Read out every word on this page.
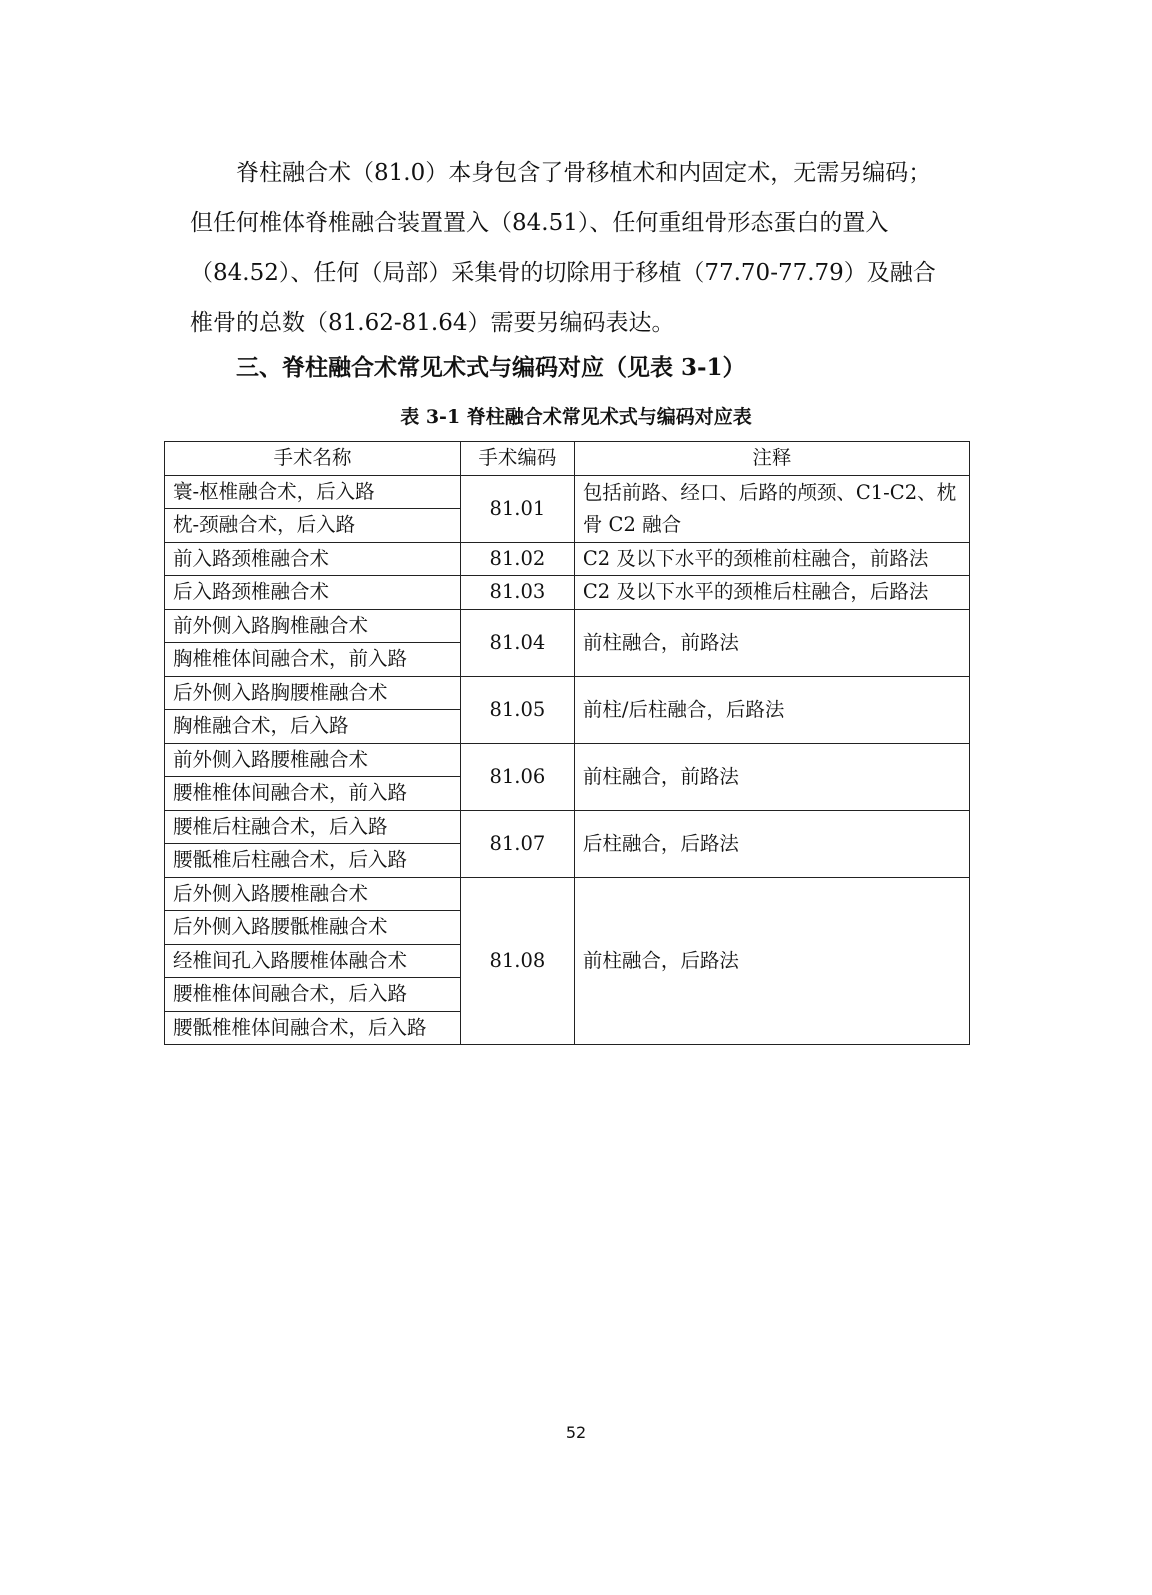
脊柱融合术（81.0）本身包含了骨移植术和内固定术，无需另编码；
但任何椎体脊椎融合装置置入（84.51）、任何重组骨形态蛋白的置入
（84.52）、任何（局部）采集骨的切除用于移植（77.70-77.79）及融合
椎骨的总数（81.62-81.64）需要另编码表达。
三、脊柱融合术常见术式与编码对应（见表 3-1）
表 3-1 脊柱融合术常见术式与编码对应表
手术名称	手术编码	注释
寰-枢椎融合术，后入路	81.01	包括前路、经口、后路的颅颈、C1-C2、枕骨 C2 融合
枕-颈融合术，后入路		
前入路颈椎融合术	81.02	C2 及以下水平的颈椎前柱融合，前路法
后入路颈椎融合术	81.03	C2 及以下水平的颈椎后柱融合，后路法
前外侧入路胸椎融合术	81.04	前柱融合，前路法
胸椎椎体间融合术，前入路		
后外侧入路胸腰椎融合术	81.05	前柱/后柱融合，后路法
胸椎融合术，后入路		
前外侧入路腰椎融合术	81.06	前柱融合，前路法
腰椎椎体间融合术，前入路		
腰椎后柱融合术，后入路	81.07	后柱融合，后路法
腰骶椎后柱融合术，后入路		
后外侧入路腰椎融合术	81.08	前柱融合，后路法
后外侧入路腰骶椎融合术		
经椎间孔入路腰椎体融合术		
腰椎椎体间融合术，后入路		
腰骶椎椎体间融合术，后入路		
52
